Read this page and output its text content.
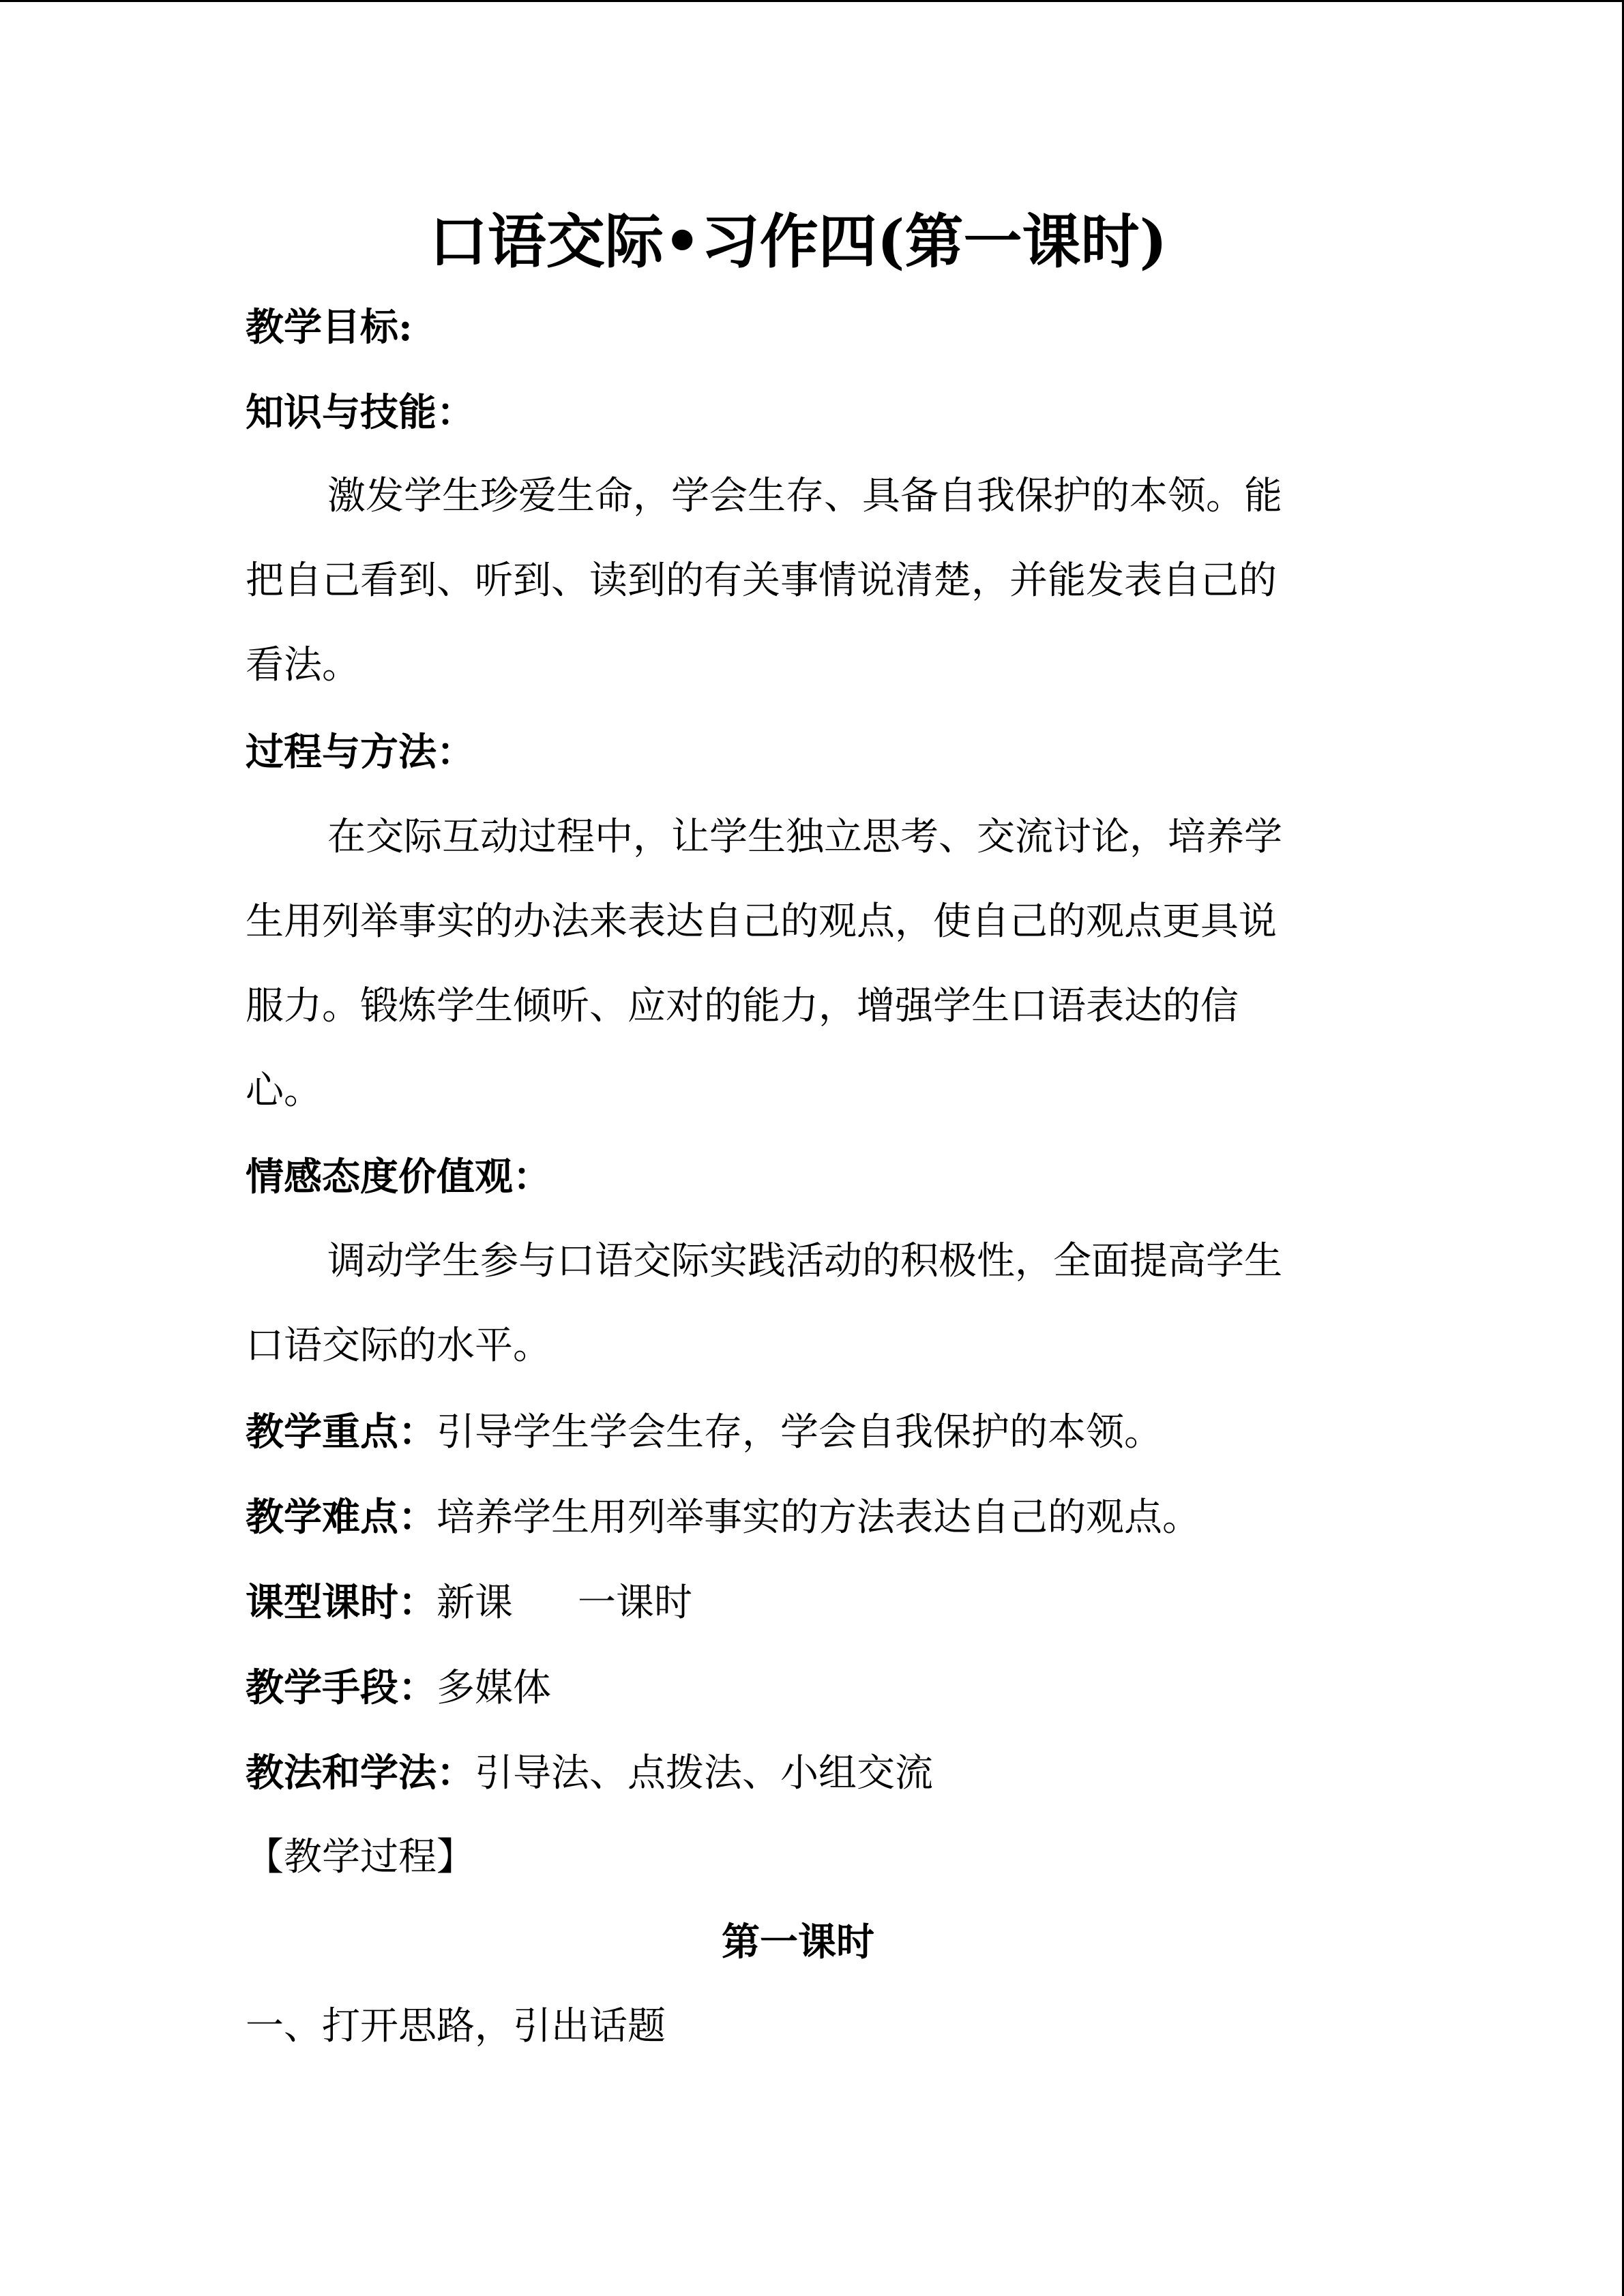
口语交际•习作四(第一课时)
教学目标:
知识与技能：
激发学生珍爱生命，学会生存、具备自我保护的本领。能
把自己看到、听到、读到的有关事情说清楚，并能发表自己的
看法。
过程与方法：
在交际互动过程中，让学生独立思考、交流讨论，培养学
生用列举事实的办法来表达自己的观点，使自己的观点更具说
服力。锻炼学生倾听、应对的能力，增强学生口语表达的信
心。
情感态度价值观：
调动学生参与口语交际实践活动的积极性，全面提高学生
口语交际的水平。
教学重点：引导学生学会生存，学会自我保护的本领。
教学难点：培养学生用列举事实的方法表达自己的观点。
课型课时：新课 一课时
教学手段：多媒体
教法和学法：引导法、点拨法、小组交流
【教学过程】
第一课时
一、打开思路，引出话题
